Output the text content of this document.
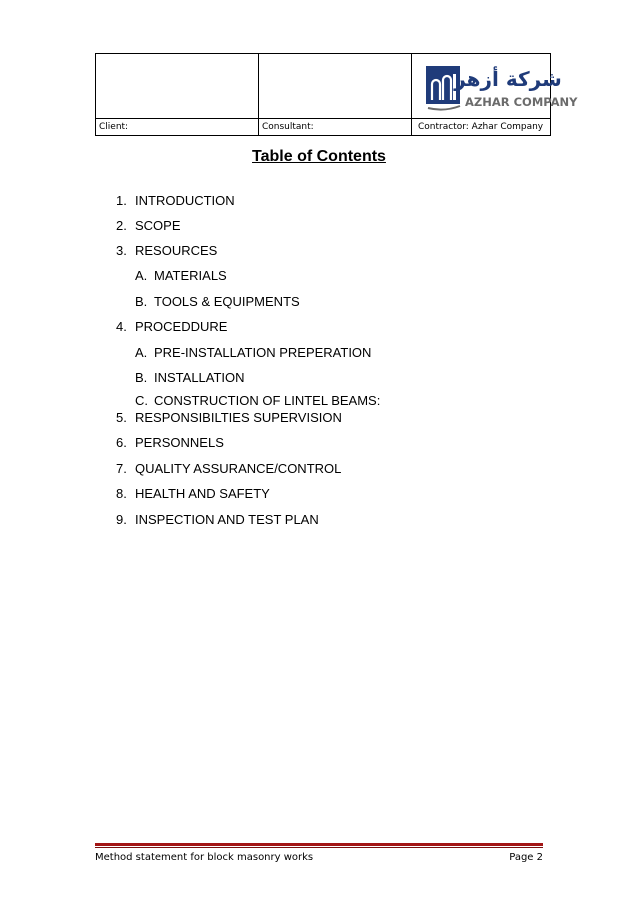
شركة أزهر
AZHAR COMPANY

Client:	Consultant:	Contractor: Azhar Company
Table of Contents
1. INTRODUCTION
2. SCOPE
3. RESOURCES
A. MATERIALS
B. TOOLS & EQUIPMENTS
4. PROCEDDURE
A. PRE-INSTALLATION PREPERATION
B. INSTALLATION
C. CONSTRUCTION OF LINTEL BEAMS:
5. RESPONSIBILTIES SUPERVISION
6. PERSONNELS
7. QUALITY ASSURANCE/CONTROL
8. HEALTH AND SAFETY
9. INSPECTION AND TEST PLAN
Method statement for block masonry works	Page 2
